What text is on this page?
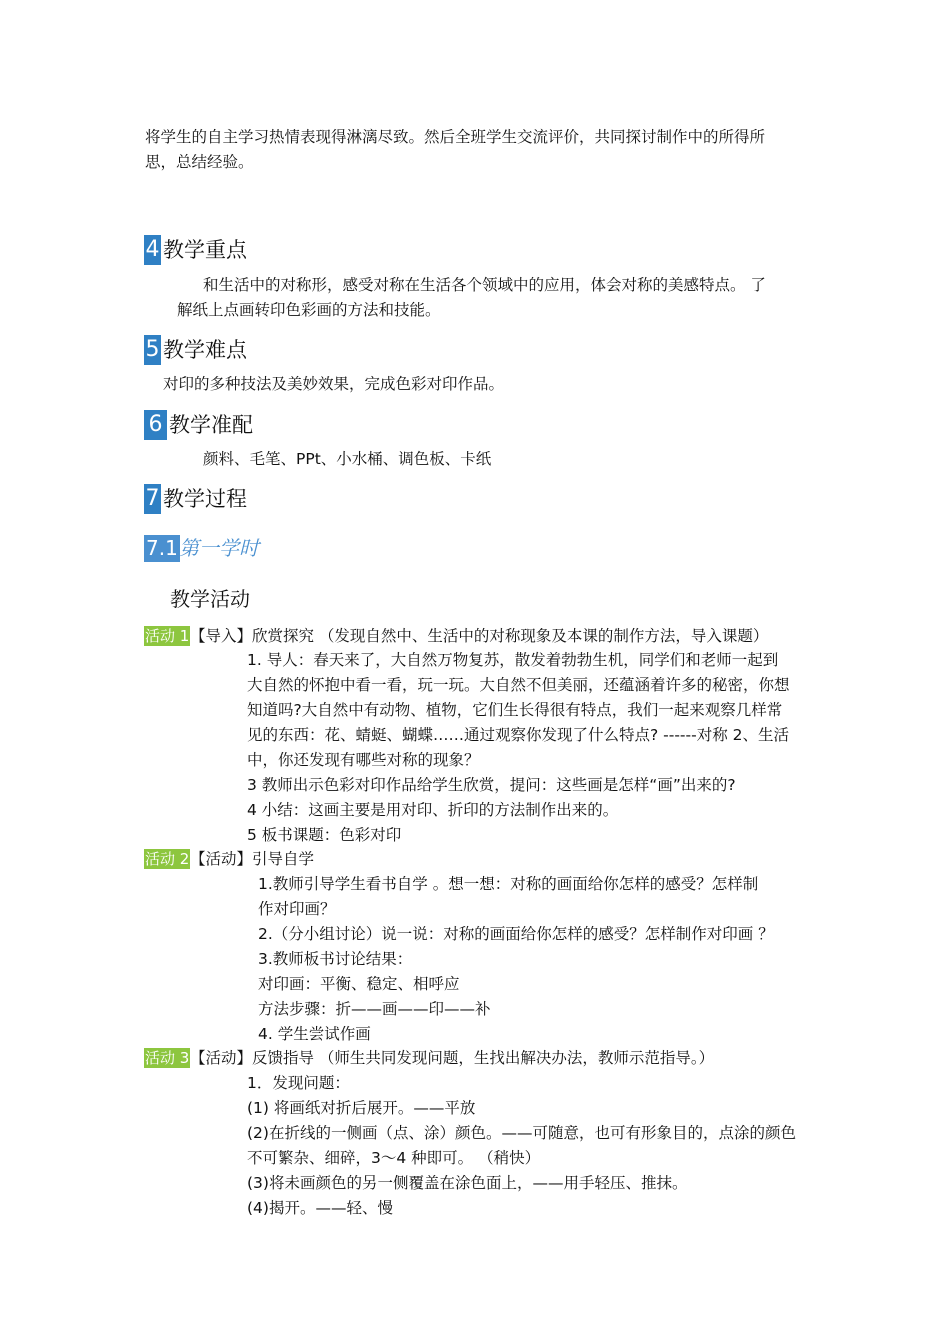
将学生的自主学习热情表现得淋漓尽致。然后全班学生交流评价，共同探讨制作中的所得所
思，总结经验。
4 教学重点
和生活中的对称形，感受对称在生活各个领域中的应用，体会对称的美感特点。 了
解纸上点画转印色彩画的方法和技能。
5 教学难点
对印的多种技法及美妙效果，完成色彩对印作品。
6 教学准配
颜料、毛笔、PPt、小水桶、调色板、卡纸
7 教学过程
7.1 第一学时
教学活动
活动 1 【导入】欣赏探究 （发现自然中、生活中的对称现象及本课的制作方法，导入课题）
1. 导人：春天来了，大自然万物复苏，散发着勃勃生机，同学们和老师一起到
大自然的怀抱中看一看，玩一玩。大自然不但美丽，还蕴涵着许多的秘密，你想
知道吗?大自然中有动物、植物，它们生长得很有特点，我们一起来观察几样常
见的东西：花、蜻蜓、蝴蝶……通过观察你发现了什么特点? ------对称 2、生活
中，你还发现有哪些对称的现象？
3 教师出示色彩对印作品给学生欣赏，提问：这些画是怎样“画”出来的?
4 小结：这画主要是用对印、折印的方法制作出来的。
5 板书课题：色彩对印
活动 2 【活动】引导自学
1.教师引导学生看书自学 。想一想：对称的画面给你怎样的感受？怎样制
作对印画？
2.（分小组讨论）说一说：对称的画面给你怎样的感受？怎样制作对印画 ？
3.教师板书讨论结果：
对印画：平衡、稳定、相呼应
方法步骤：折——画——印——补
4. 学生尝试作画
活动 3 【活动】反馈指导 （师生共同发现问题，生找出解决办法，教师示范指导。）
1．发现问题：
(1) 将画纸对折后展开。——平放
(2)在折线的一侧画（点、涂）颜色。——可随意，也可有形象目的，点涂的颜色
不可繁杂、细碎，3～4 种即可。 （稍快）
(3)将未画颜色的另一侧覆盖在涂色面上，——用手轻压、推抹。
(4)揭开。——轻、慢
